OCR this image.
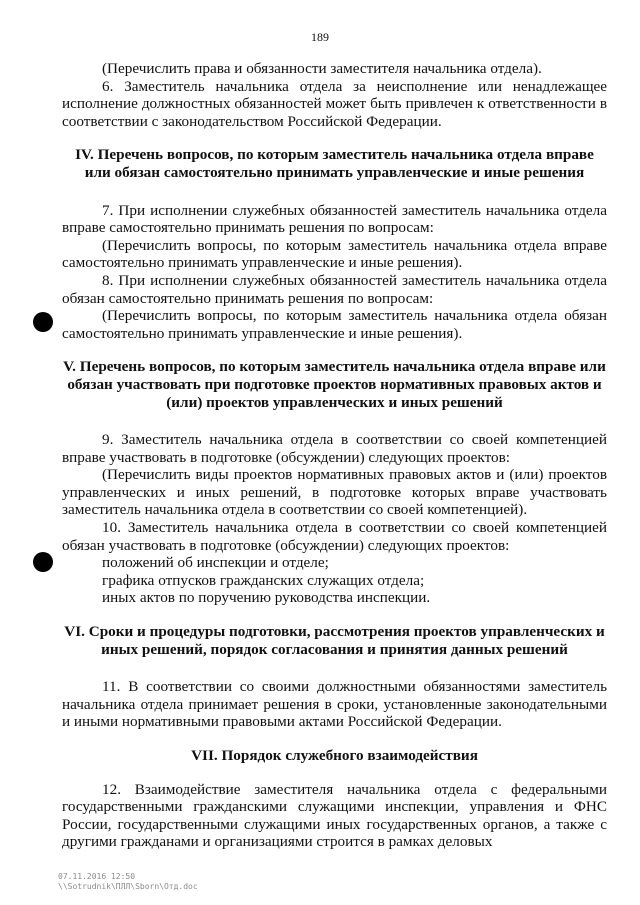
189

(Перечислить права и обязанности заместителя начальника отдела).

6. Заместитель начальника отдела за неисполнение или ненадлежащее исполнение должностных обязанностей может быть привлечен к ответственности в соответствии с законодательством Российской Федерации.

IV. Перечень вопросов, по которым заместитель начальника отдела вправе или обязан самостоятельно принимать управленческие и иные решения

7. При исполнении служебных обязанностей заместитель начальника отдела вправе самостоятельно принимать решения по вопросам:

(Перечислить вопросы, по которым заместитель начальника отдела вправе самостоятельно принимать управленческие и иные решения).

8. При исполнении служебных обязанностей заместитель начальника отдела обязан самостоятельно принимать решения по вопросам:

(Перечислить вопросы, по которым заместитель начальника отдела обязан самостоятельно принимать управленческие и иные решения).

V. Перечень вопросов, по которым заместитель начальника отдела вправе или обязан участвовать при подготовке проектов нормативных правовых актов и (или) проектов управленческих и иных решений

9. Заместитель начальника отдела в соответствии со своей компетенцией вправе участвовать в подготовке (обсуждении) следующих проектов:

(Перечислить виды проектов нормативных правовых актов и (или) проектов управленческих и иных решений, в подготовке которых вправе участвовать заместитель начальника отдела в соответствии со своей компетенцией).

10. Заместитель начальника отдела в соответствии со своей компетенцией обязан участвовать в подготовке (обсуждении) следующих проектов:

положений об инспекции и отделе;

графика отпусков гражданских служащих отдела;

иных актов по поручению руководства инспекции.

VI. Сроки и процедуры подготовки, рассмотрения проектов управленческих и иных решений, порядок согласования и принятия данных решений

11. В соответствии со своими должностными обязанностями заместитель начальника отдела принимает решения в сроки, установленные законодательными и иными нормативными правовыми актами Российской Федерации.

VII. Порядок служебного взаимодействия

12. Взаимодействие заместителя начальника отдела с федеральными государственными гражданскими служащими инспекции, управления и ФНС России, государственными служащими иных государственных органов, а также с другими гражданами и организациями строится в рамках деловых

07.11.2016 12:50
\\Sotrudnik\ПЛЛ\Sborn\Отд.doc
